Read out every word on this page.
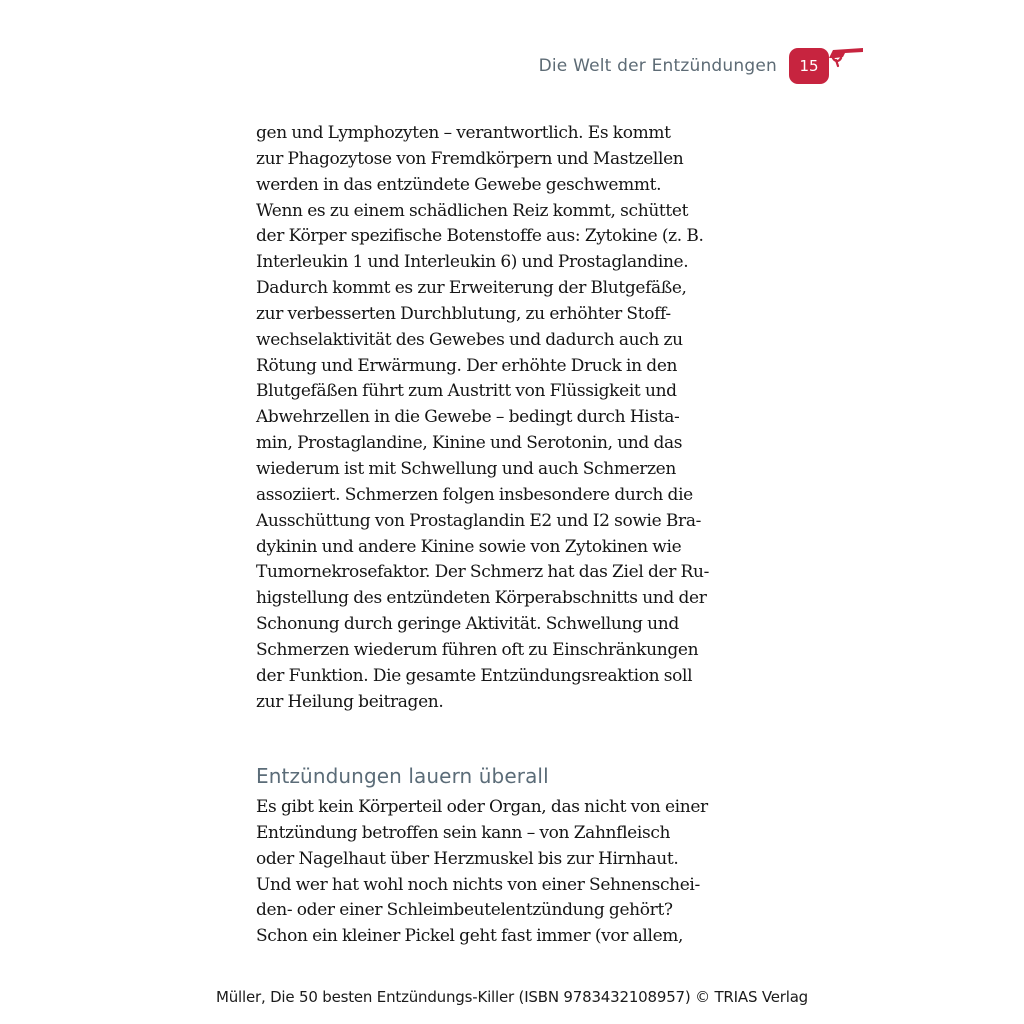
Die Welt der Entzündungen 15
gen und Lymphozyten – verantwortlich. Es kommt
zur Phagozytose von Fremdkörpern und Mastzellen
werden in das entzündete Gewebe geschwemmt.
Wenn es zu einem schädlichen Reiz kommt, schüttet
der Körper spezifische Botenstoffe aus: Zytokine (z. B.
Interleukin 1 und Interleukin 6) und Prostaglandine.
Dadurch kommt es zur Erweiterung der Blutgefäße,
zur verbesserten Durchblutung, zu erhöhter Stoff-
wechselaktivität des Gewebes und dadurch auch zu
Rötung und Erwärmung. Der erhöhte Druck in den
Blutgefäßen führt zum Austritt von Flüssigkeit und
Abwehrzellen in die Gewebe – bedingt durch Hista-
min, Prostaglandine, Kinine und Serotonin, und das
wiederum ist mit Schwellung und auch Schmerzen
assoziiert. Schmerzen folgen insbesondere durch die
Ausschüttung von Prostaglandin E2 und I2 sowie Bra-
dykinin und andere Kinine sowie von Zytokinen wie
Tumornekrosefaktor. Der Schmerz hat das Ziel der Ru-
higstellung des entzündeten Körperabschnitts und der
Schonung durch geringe Aktivität. Schwellung und
Schmerzen wiederum führen oft zu Einschränkungen
der Funktion. Die gesamte Entzündungsreaktion soll
zur Heilung beitragen.
Entzündungen lauern überall
Es gibt kein Körperteil oder Organ, das nicht von einer
Entzündung betroffen sein kann – von Zahnfleisch
oder Nagelhaut über Herzmuskel bis zur Hirnhaut.
Und wer hat wohl noch nichts von einer Sehnenschei-
den- oder einer Schleimbeutelentzündung gehört?
Schon ein kleiner Pickel geht fast immer (vor allem,
Müller, Die 50 besten Entzündungs-Killer (ISBN 9783432108957) © TRIAS Verlag
